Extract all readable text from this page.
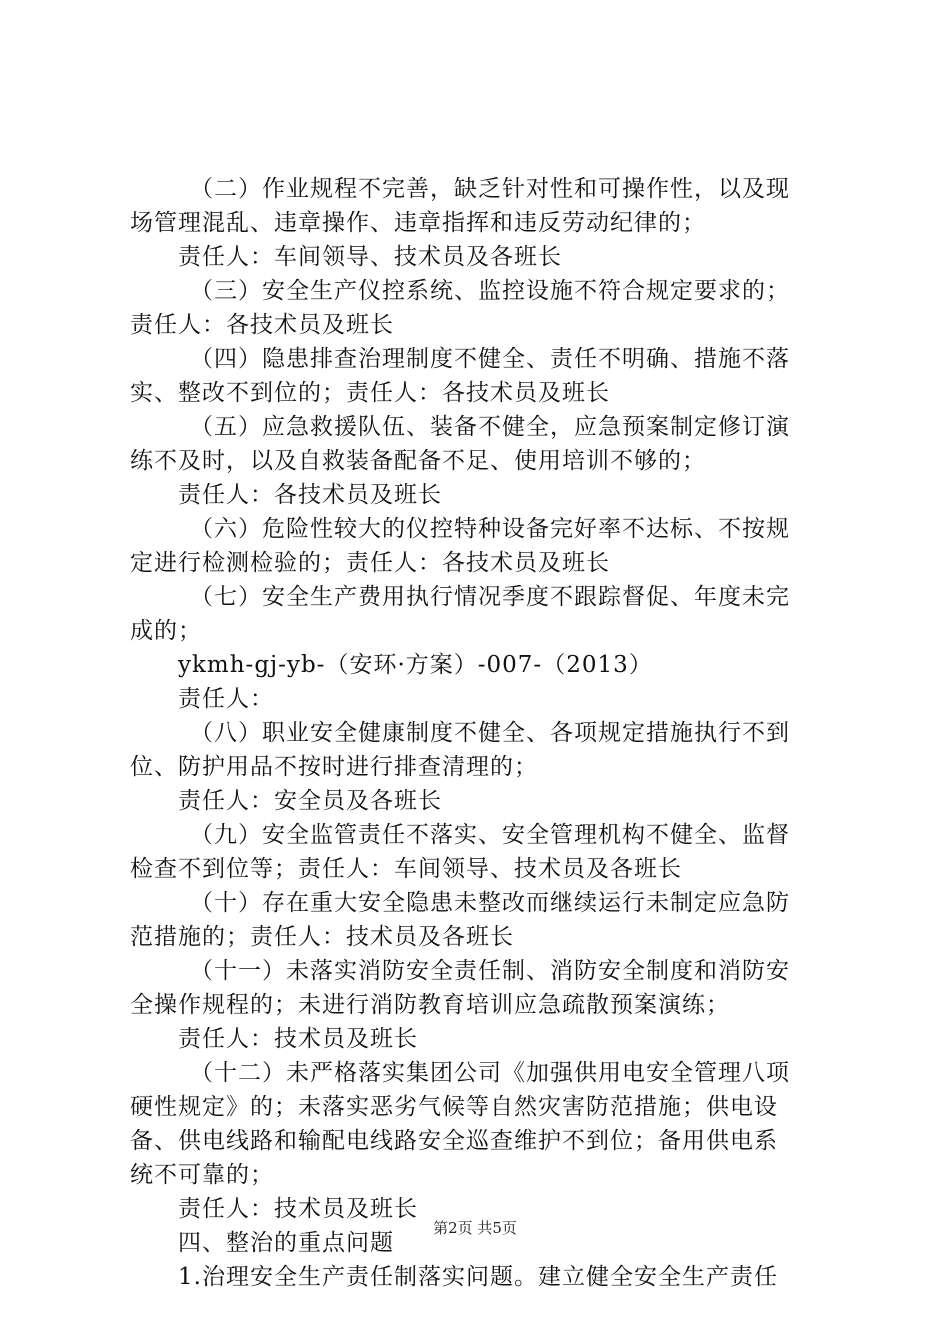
（二）作业规程不完善，缺乏针对性和可操作性，以及现
场管理混乱、违章操作、违章指挥和违反劳动纪律的；
责任人：车间领导、技术员及各班长
（三）安全生产仪控系统、监控设施不符合规定要求的；
责任人：各技术员及班长
（四）隐患排查治理制度不健全、责任不明确、措施不落
实、整改不到位的；责任人：各技术员及班长
（五）应急救援队伍、装备不健全，应急预案制定修订演
练不及时，以及自救装备配备不足、使用培训不够的；
责任人：各技术员及班长
（六）危险性较大的仪控特种设备完好率不达标、不按规
定进行检测检验的；责任人：各技术员及班长
（七）安全生产费用执行情况季度不跟踪督促、年度未完
成的；
ykmh-gj-yb-（安环·方案）-007-（2013）
责任人：
（八）职业安全健康制度不健全、各项规定措施执行不到
位、防护用品不按时进行排查清理的；
责任人：安全员及各班长
（九）安全监管责任不落实、安全管理机构不健全、监督
检查不到位等；责任人：车间领导、技术员及各班长
（十）存在重大安全隐患未整改而继续运行未制定应急防
范措施的；责任人：技术员及各班长
（十一）未落实消防安全责任制、消防安全制度和消防安
全操作规程的；未进行消防教育培训应急疏散预案演练；
责任人：技术员及班长
（十二）未严格落实集团公司《加强供用电安全管理八项
硬性规定》的；未落实恶劣气候等自然灾害防范措施；供电设
备、供电线路和输配电线路安全巡查维护不到位；备用供电系
统不可靠的；
责任人：技术员及班长
四、整治的重点问题
1.治理安全生产责任制落实问题。建立健全安全生产责任
第2页 共5页
